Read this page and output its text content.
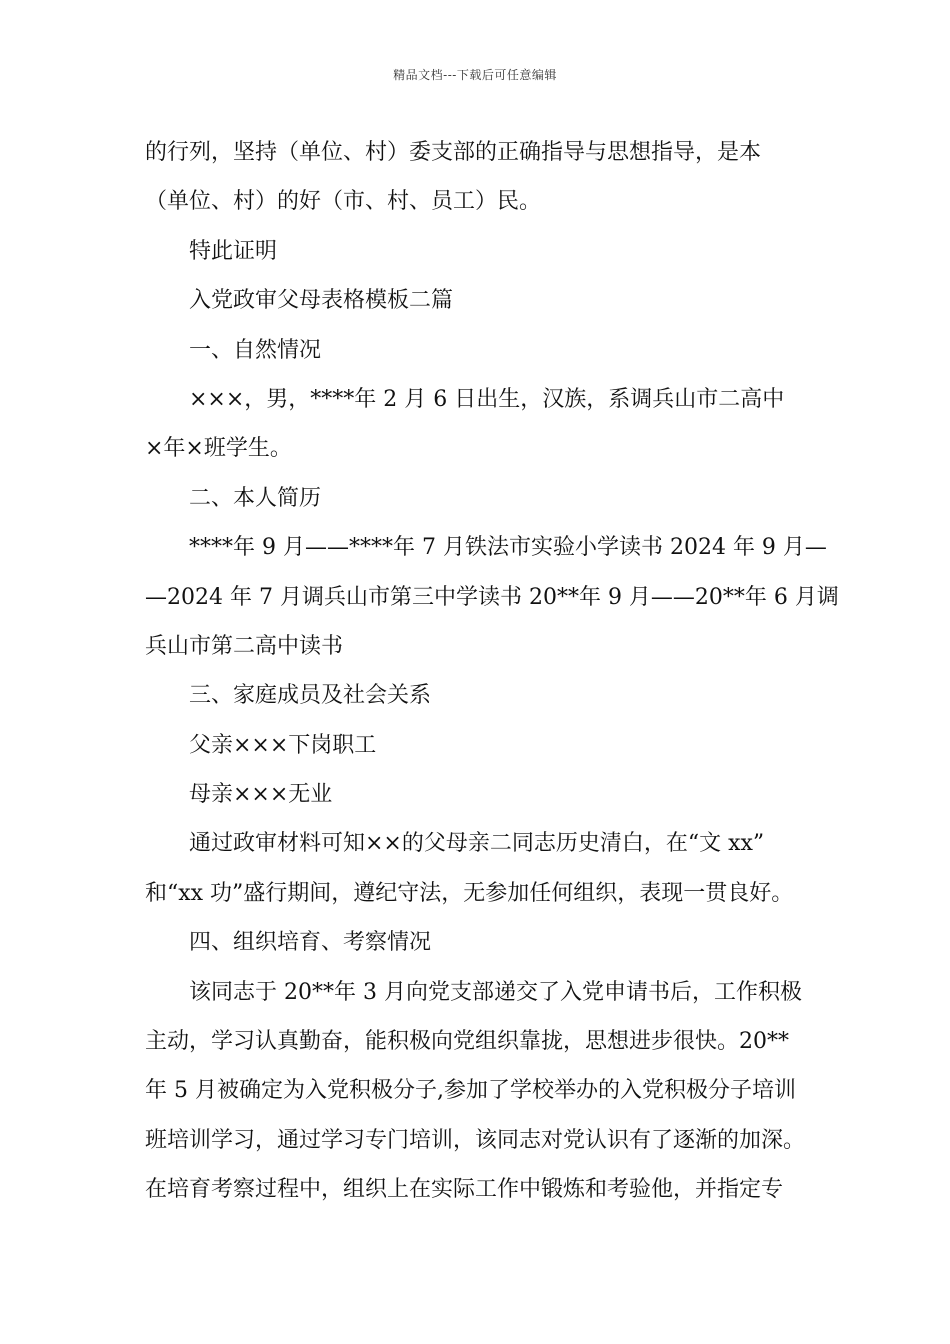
精品文档---下载后可任意编辑
的行列，坚持（单位、村）委支部的正确指导与思想指导，是本
（单位、村）的好（市、村、员工）民。
特此证明
入党政审父母表格模板二篇
一、自然情况
×××，男，****年 2 月 6 日出生，汉族，系调兵山市二高中
×年×班学生。
二、本人简历
****年 9 月——****年 7 月铁法市实验小学读书 2024 年 9 月—
—2024 年 7 月调兵山市第三中学读书 20**年 9 月——20**年 6 月调
兵山市第二高中读书
三、家庭成员及社会关系
父亲×××下岗职工
母亲×××无业
通过政审材料可知××的父母亲二同志历史清白，在“文 xx”
和“xx 功”盛行期间，遵纪守法，无参加任何组织，表现一贯良好。
四、组织培育、考察情况
该同志于 20**年 3 月向党支部递交了入党申请书后，工作积极
主动，学习认真勤奋，能积极向党组织靠拢，思想进步很快。20**
年 5 月被确定为入党积极分子,参加了学校举办的入党积极分子培训
班培训学习，通过学习专门培训，该同志对党认识有了逐渐的加深。
在培育考察过程中，组织上在实际工作中锻炼和考验他，并指定专
